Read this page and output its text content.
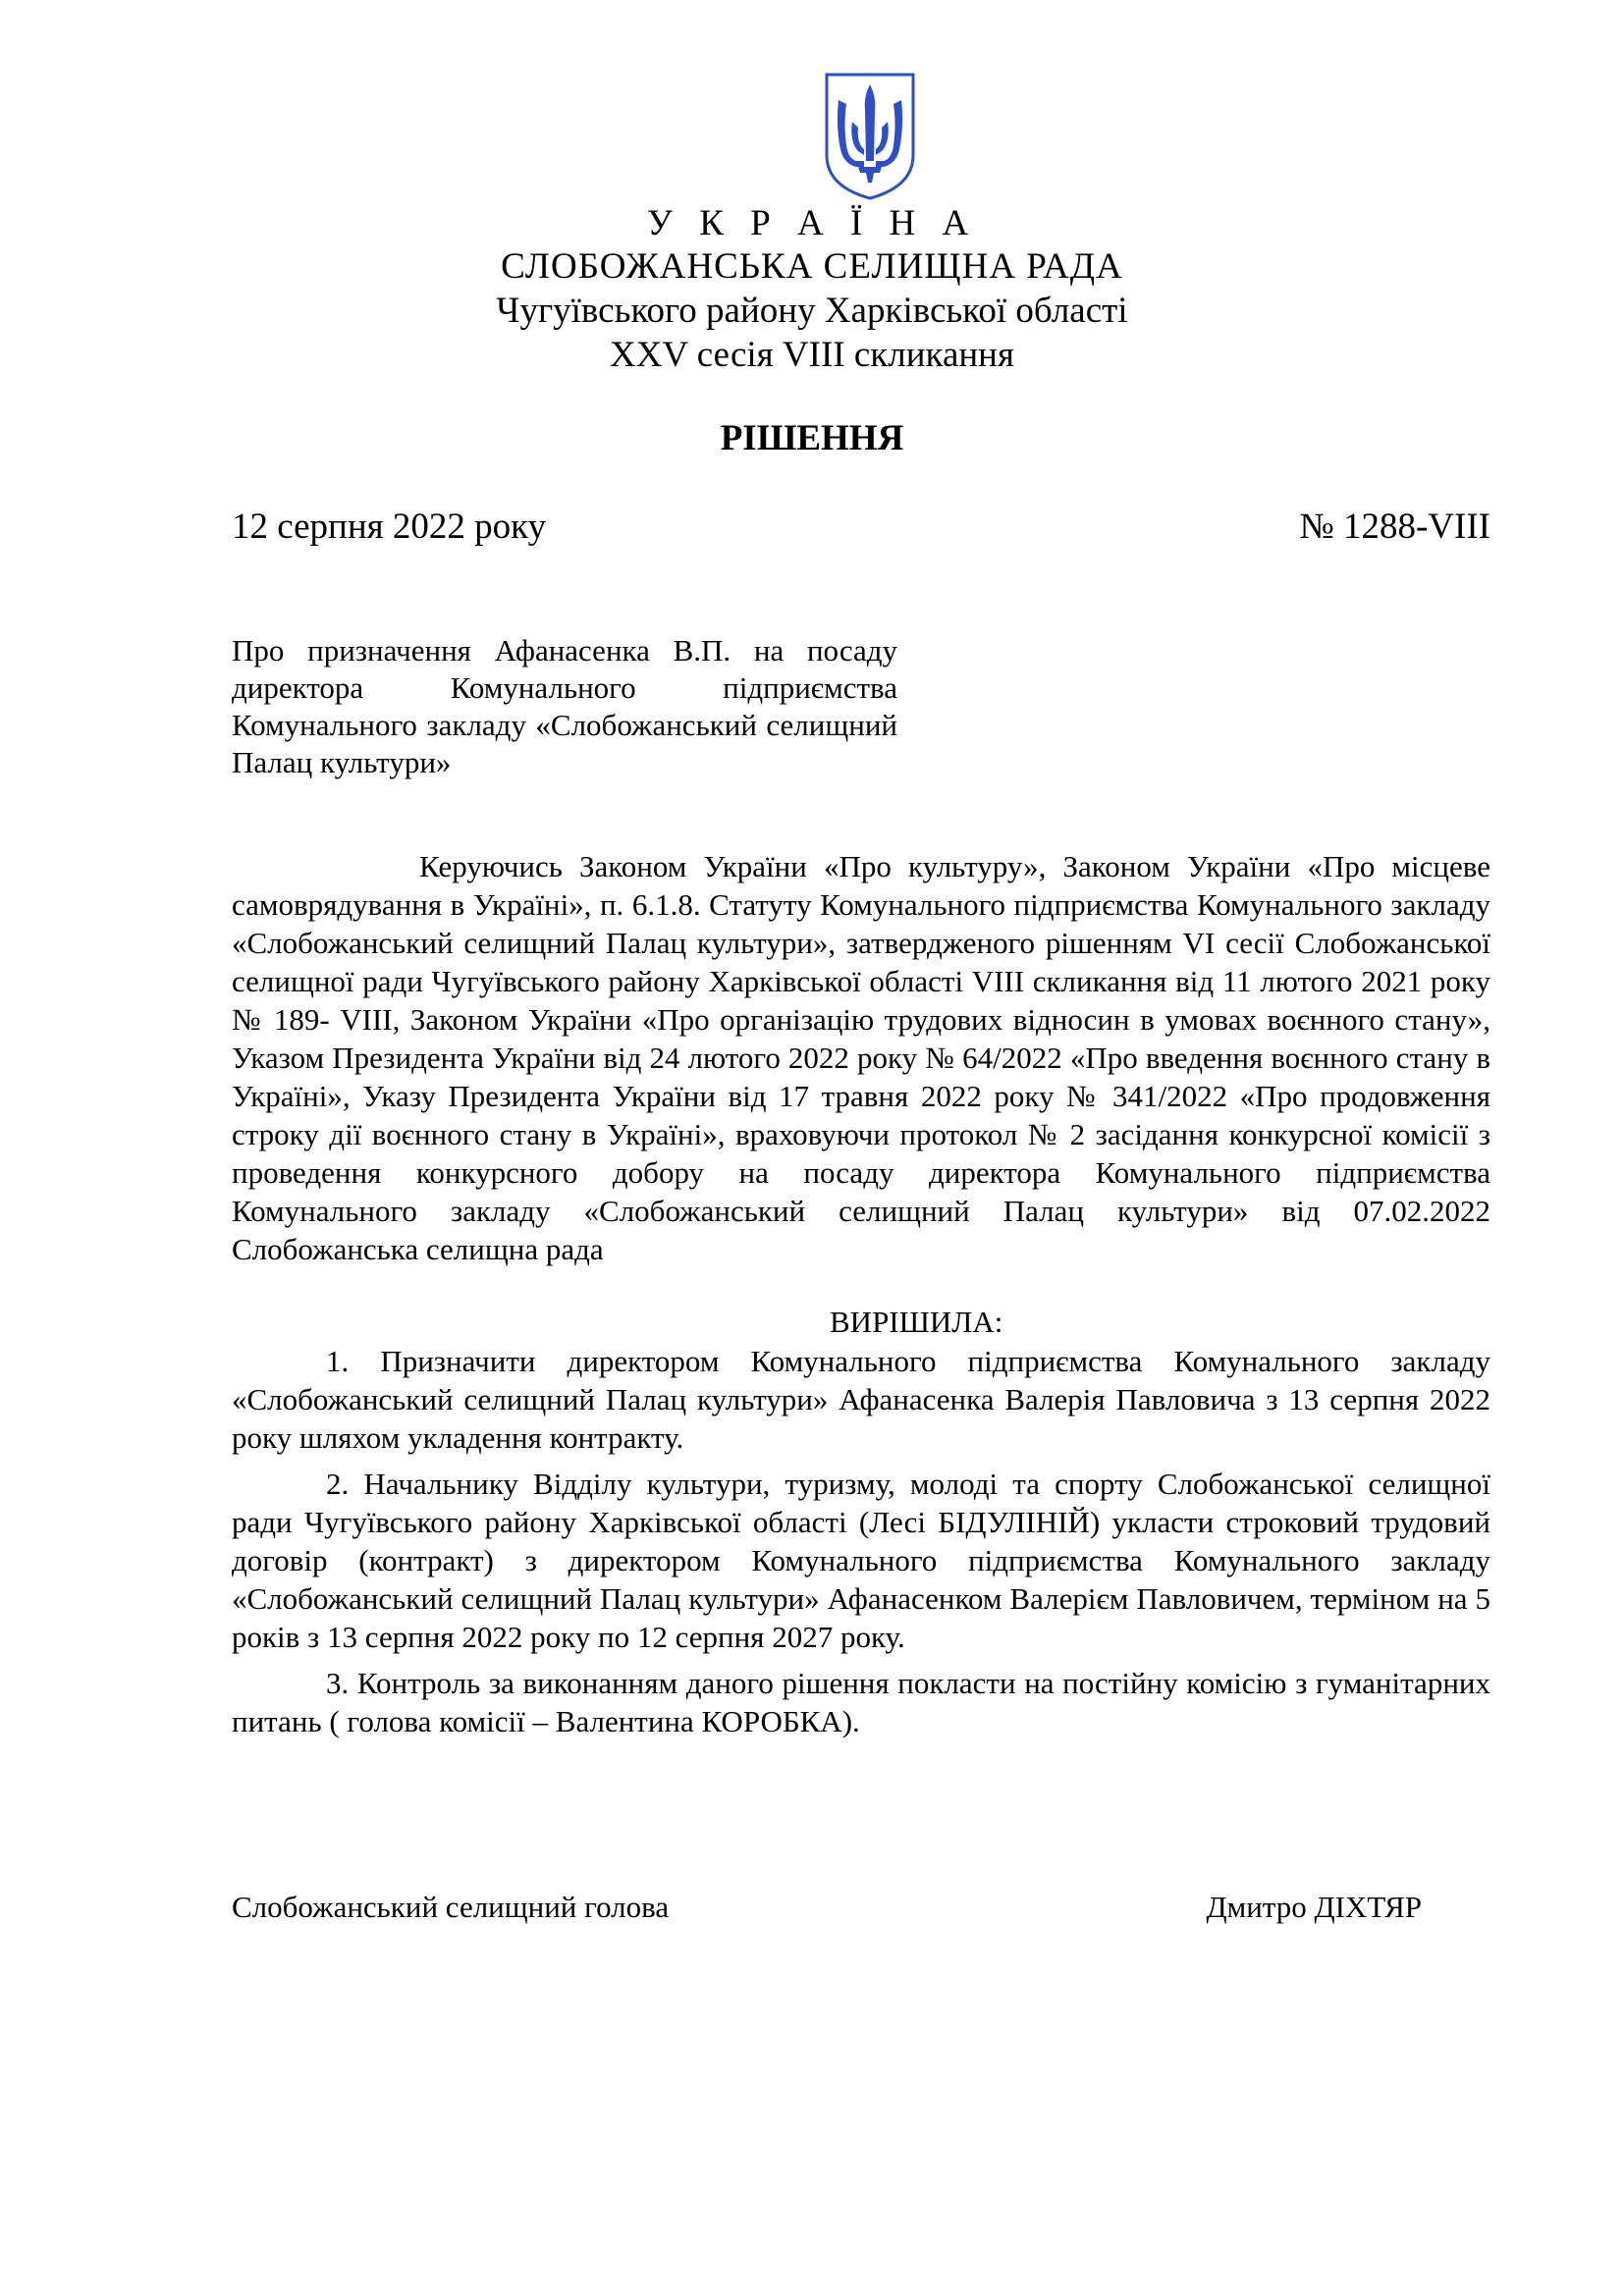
У К Р А Ї Н А
СЛОБОЖАНСЬКА СЕЛИЩНА РАДА
Чугуївського району Харківської області
XXV сесія VIII скликання
РІШЕННЯ
12 серпня 2022 року	№ 1288-VIII
Про призначення Афанасенка В.П. на посаду директора Комунального підприємства Комунального закладу «Слобожанський селищний Палац культури»

Керуючись Законом України «Про культуру», Законом України «Про місцеве самоврядування в Україні», п. 6.1.8. Статуту Комунального підприємства Комунального закладу «Слобожанський селищний Палац культури», затвердженого рішенням VI сесії Слобожанської селищної ради Чугуївського району Харківської області VIII скликання від 11 лютого 2021 року № 189- VIII, Законом України «Про організацію трудових відносин в умовах воєнного стану», Указом Президента України від 24 лютого 2022 року № 64/2022 «Про введення воєнного стану в Україні», Указу Президента України від 17 травня 2022 року № 341/2022 «Про продовження строку дії воєнного стану в Україні», враховуючи протокол № 2 засідання конкурсної комісії з проведення конкурсного добору на посаду директора Комунального підприємства Комунального закладу «Слобожанський селищний Палац культури» від 07.02.2022 Слобожанська селищна рада

ВИРІШИЛА:

1. Призначити директором Комунального підприємства Комунального закладу «Слобожанський селищний Палац культури» Афанасенка Валерія Павловича з 13 серпня 2022 року шляхом укладення контракту.

2. Начальнику Відділу культури, туризму, молоді та спорту Слобожанської селищної ради Чугуївського району Харківської області (Лесі БІДУЛІНІЙ) укласти строковий трудовий договір (контракт) з директором Комунального підприємства Комунального закладу «Слобожанський селищний Палац культури» Афанасенком Валерієм Павловичем, терміном на 5 років з 13 серпня 2022 року по 12 серпня 2027 року.

3. Контроль за виконанням даного рішення покласти на постійну комісію з гуманітарних питань ( голова комісії – Валентина КОРОБКА).

Слобожанський селищний голова	Дмитро ДІХТЯР
